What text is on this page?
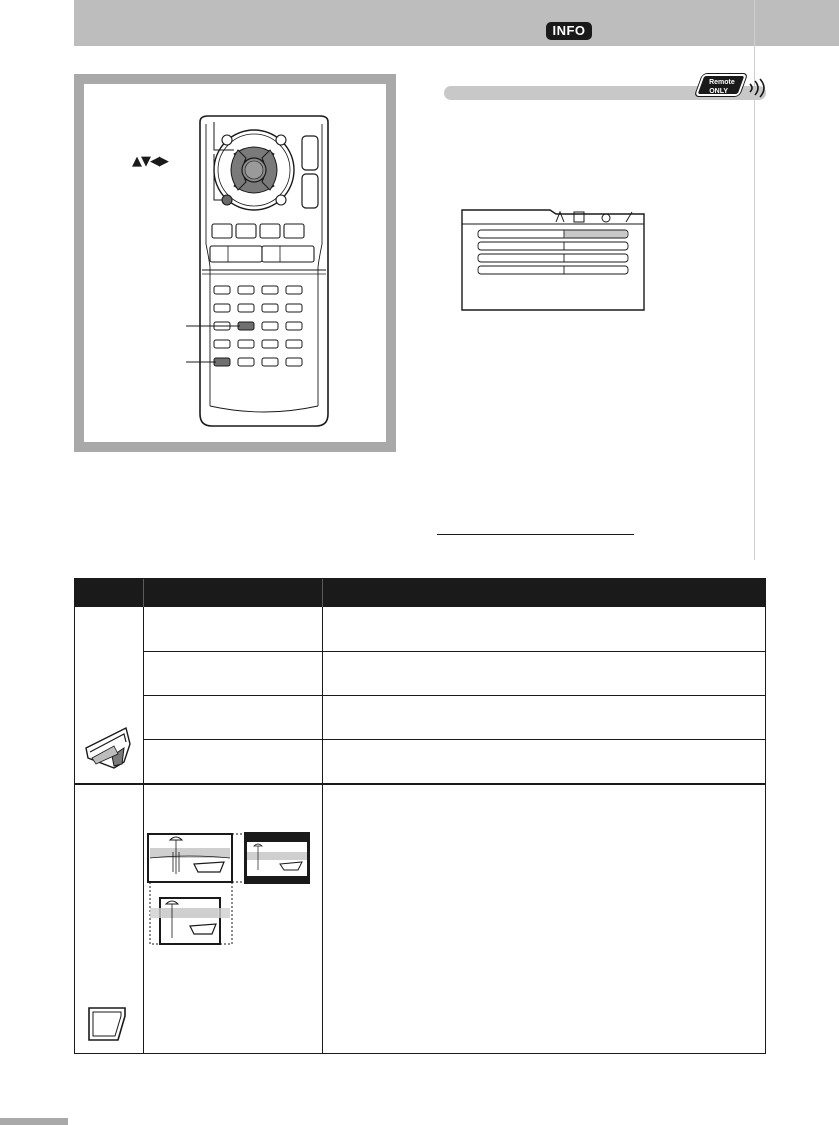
INFO
▲▼◀▶
Remote
ONLY
